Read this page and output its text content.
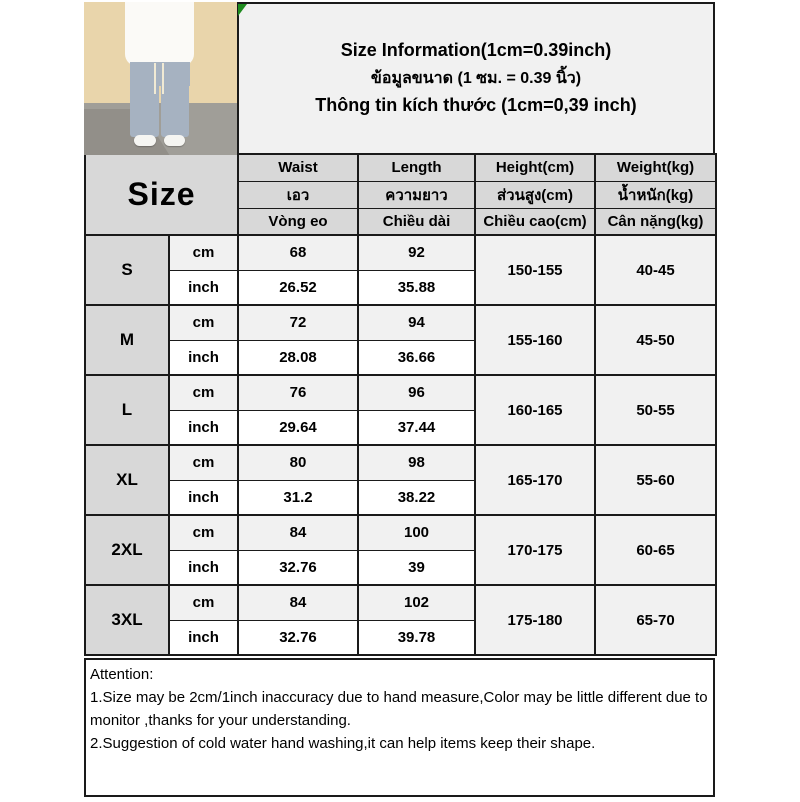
Size Information(1cm=0.39inch)
ข้อมูลขนาด (1 ซม. = 0.39 นิ้ว)
Thông tin kích thước (1cm=0,39 inch)
Size		Waist	Length	Height(cm)	Weight(kg)
		เอว	ความยาว	ส่วนสูง(cm)	น้ำหนัก(kg)
		Vòng eo	Chiều dài	Chiều cao(cm)	Cân nặng(kg)
S	cm	68	92	150-155	40-45
	inch	26.52	35.88		
M	cm	72	94	155-160	45-50
	inch	28.08	36.66		
L	cm	76	96	160-165	50-55
	inch	29.64	37.44		
XL	cm	80	98	165-170	55-60
	inch	31.2	38.22		
2XL	cm	84	100	170-175	60-65
	inch	32.76	39		
3XL	cm	84	102	175-180	65-70
	inch	32.76	39.78		
Attention:
1.Size may be 2cm/1inch inaccuracy due to hand measure,Color may be little different due to monitor ,thanks for your understanding.
2.Suggestion of cold water hand washing,it can help items keep their shape.
